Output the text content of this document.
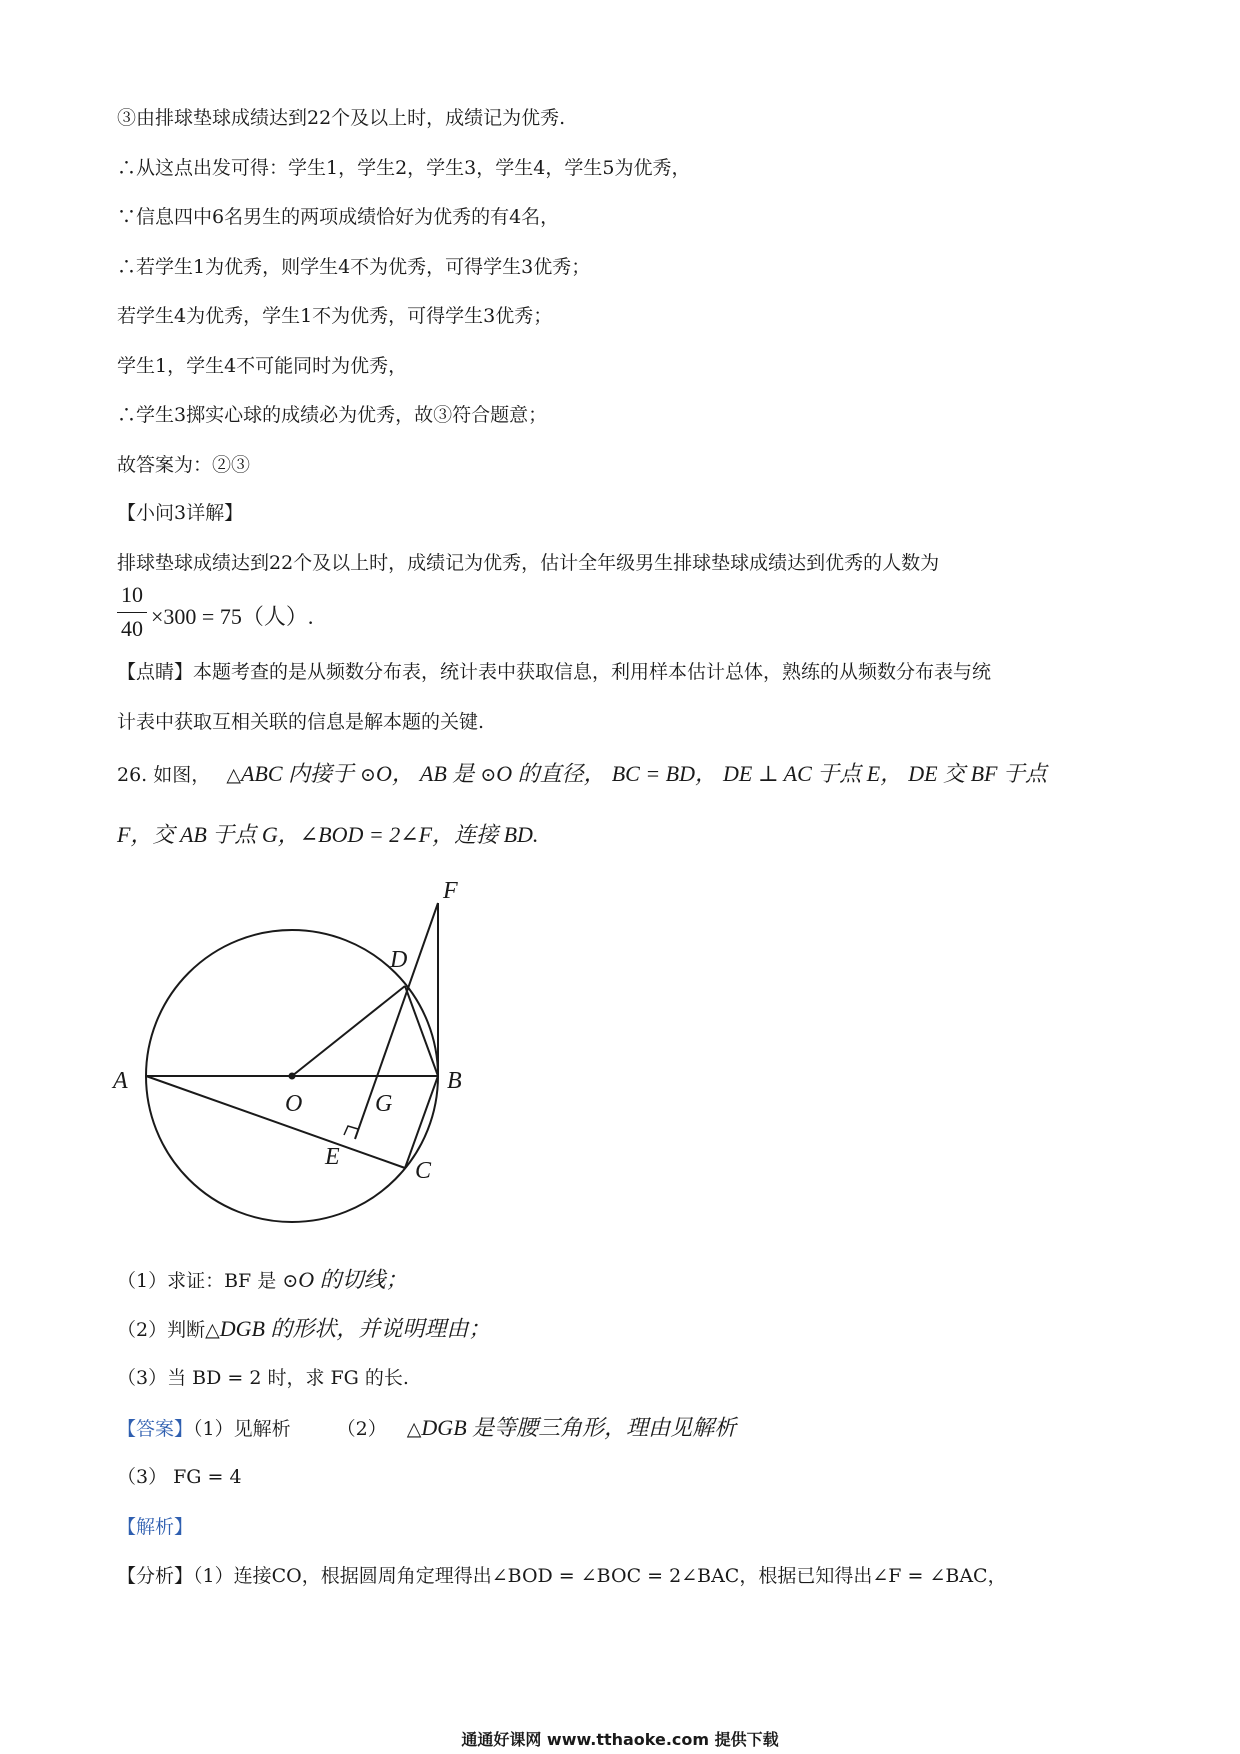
③由排球垫球成绩达到22个及以上时，成绩记为优秀.
∴从这点出发可得：学生1，学生2，学生3，学生4，学生5为优秀，
∵信息四中6名男生的两项成绩恰好为优秀的有4名，
∴若学生1为优秀，则学生4不为优秀，可得学生3优秀；
若学生4为优秀，学生1不为优秀，可得学生3优秀；
学生1，学生4不可能同时为优秀，
∴学生3掷实心球的成绩必为优秀，故③符合题意；
故答案为：②③
【小问3详解】
排球垫球成绩达到22个及以上时，成绩记为优秀，估计全年级男生排球垫球成绩达到优秀的人数为
10
40 ×300 = 75（人）.
【点睛】本题考查的是从频数分布表，统计表中获取信息，利用样本估计总体，熟练的从频数分布表与统
计表中获取互相关联的信息是解本题的关键.
26. 如图， △ABC 内接于 ⊙O， AB 是 ⊙O 的直径， BC = BD， DE ⊥ AC 于点 E， DE 交 BF 于点
F，交 AB 于点 G，∠BOD = 2∠F，连接 BD.
A	B
C
D
E
F
G
O
（1）求证：BF 是 ⊙O 的切线；
（2）判断△DGB 的形状，并说明理由；
（3）当 BD = 2 时，求 FG 的长.
【答案】（1）见解析 （2） △DGB 是等腰三角形，理由见解析
（3） FG = 4
【解析】
【分析】（1）连接CO，根据圆周角定理得出∠BOD = ∠BOC = 2∠BAC，根据已知得出∠F = ∠BAC，
通通好课网 www.tthaoke.com 提供下载
